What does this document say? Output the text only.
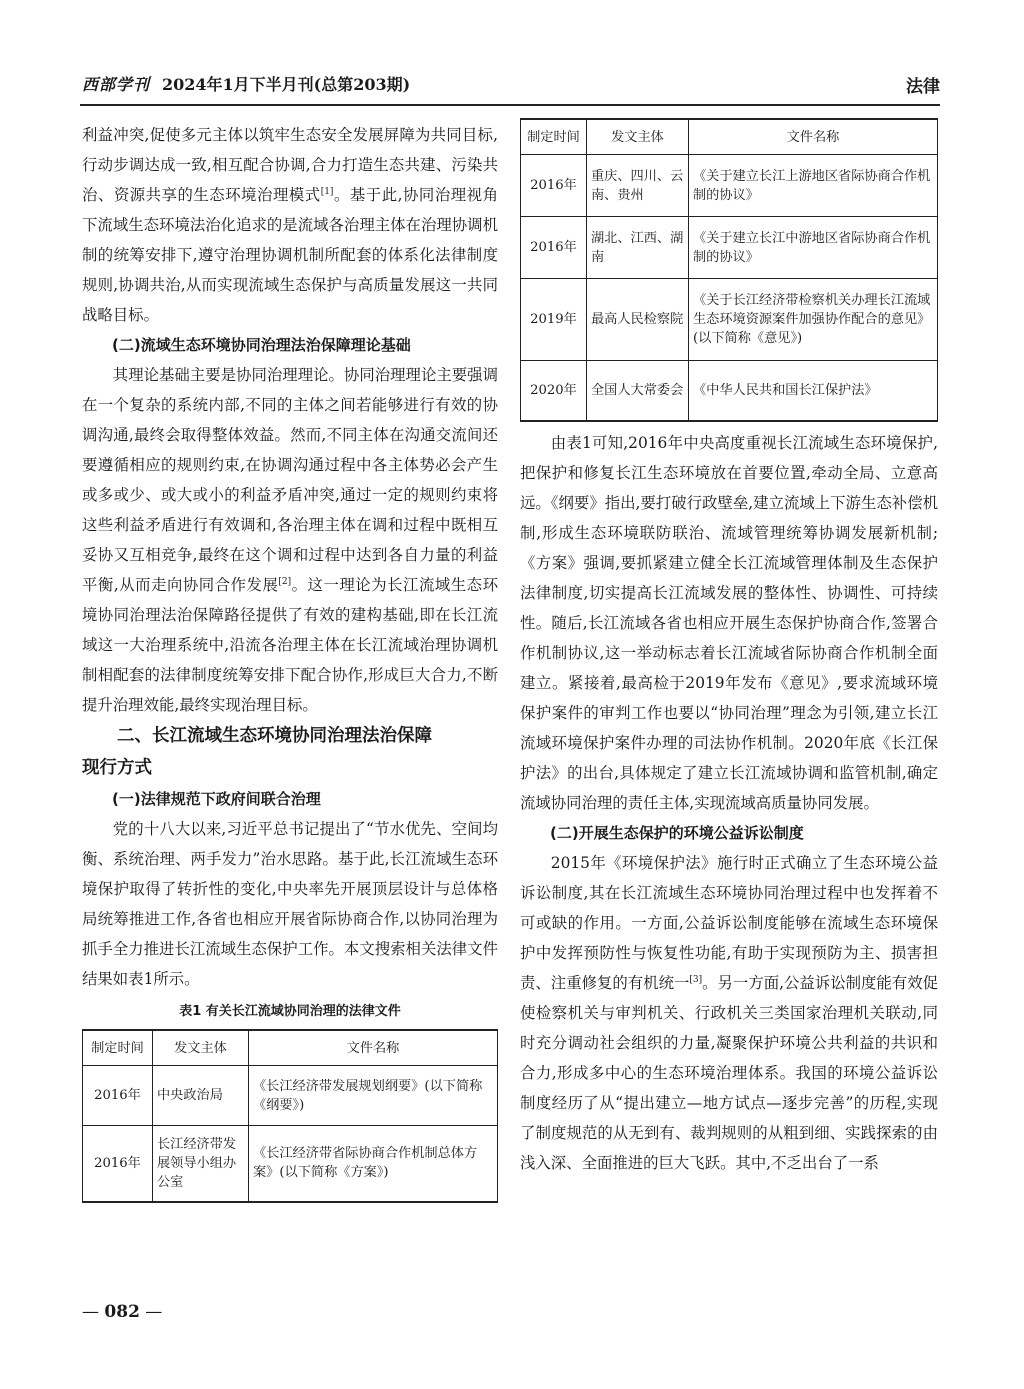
西部学刊 2024年1月下半月刊(总第203期)	法律

利益冲突,促使多元主体以筑牢生态安全发展屏障为共同目标,行动步调达成一致,相互配合协调,合力打造生态共建、污染共治、资源共享的生态环境治理模式[1]。基于此,协同治理视角下流域生态环境法治化追求的是流域各治理主体在治理协调机制的统筹安排下,遵守治理协调机制所配套的体系化法律制度规则,协调共治,从而实现流域生态保护与高质量发展这一共同战略目标。

(二)流域生态环境协同治理法治保障理论基础

其理论基础主要是协同治理理论。协同治理理论主要强调在一个复杂的系统内部,不同的主体之间若能够进行有效的协调沟通,最终会取得整体效益。然而,不同主体在沟通交流间还要遵循相应的规则约束,在协调沟通过程中各主体势必会产生或多或少、或大或小的利益矛盾冲突,通过一定的规则约束将这些利益矛盾进行有效调和,各治理主体在调和过程中既相互妥协又互相竞争,最终在这个调和过程中达到各自力量的利益平衡,从而走向协同合作发展[2]。这一理论为长江流域生态环境协同治理法治保障路径提供了有效的建构基础,即在长江流域这一大治理系统中,沿流各治理主体在长江流域治理协调机制相配套的法律制度统筹安排下配合协作,形成巨大合力,不断提升治理效能,最终实现治理目标。

二、长江流域生态环境协同治理法治保障
现行方式
(一)法律规范下政府间联合治理

党的十八大以来,习近平总书记提出了“节水优先、空间均衡、系统治理、两手发力”治水思路。基于此,长江流域生态环境保护取得了转折性的变化,中央率先开展顶层设计与总体格局统筹推进工作,各省也相应开展省际协商合作,以协同治理为抓手全力推进长江流域生态保护工作。本文搜索相关法律文件结果如表1所示。

表1 有关长江流域协同治理的法律文件
制定时间	发文主体	文件名称
2016年	中央政治局	《长江经济带发展规划纲要》(以下简称《纲要》)
2016年	长江经济带发展领导小组办公室	《长江经济带省际协商合作机制总体方案》(以下简称《方案》)
制定时间	发文主体	文件名称
2016年	重庆、四川、云南、贵州	《关于建立长江上游地区省际协商合作机制的协议》
2016年	湖北、江西、湖南	《关于建立长江中游地区省际协商合作机制的协议》
2019年	最高人民检察院	《关于长江经济带检察机关办理长江流域生态环境资源案件加强协作配合的意见》(以下简称《意见》)
2020年	全国人大常委会	《中华人民共和国长江保护法》

由表1可知,2016年中央高度重视长江流域生态环境保护,把保护和修复长江生态环境放在首要位置,牵动全局、立意高远。《纲要》指出,要打破行政壁垒,建立流域上下游生态补偿机制,形成生态环境联防联治、流域管理统筹协调发展新机制;《方案》强调,要抓紧建立健全长江流域管理体制及生态保护法律制度,切实提高长江流域发展的整体性、协调性、可持续性。随后,长江流域各省也相应开展生态保护协商合作,签署合作机制协议,这一举动标志着长江流域省际协商合作机制全面建立。紧接着,最高检于2019年发布《意见》,要求流域环境保护案件的审判工作也要以“协同治理”理念为引领,建立长江流域环境保护案件办理的司法协作机制。2020年底《长江保护法》的出台,具体规定了建立长江流域协调和监管机制,确定流域协同治理的责任主体,实现流域高质量协同发展。

(二)开展生态保护的环境公益诉讼制度

2015年《环境保护法》施行时正式确立了生态环境公益诉讼制度,其在长江流域生态环境协同治理过程中也发挥着不可或缺的作用。一方面,公益诉讼制度能够在流域生态环境保护中发挥预防性与恢复性功能,有助于实现预防为主、损害担责、注重修复的有机统一[3]。另一方面,公益诉讼制度能有效促使检察机关与审判机关、行政机关三类国家治理机关联动,同时充分调动社会组织的力量,凝聚保护环境公共利益的共识和合力,形成多中心的生态环境治理体系。我国的环境公益诉讼制度经历了从“提出建立—地方试点—逐步完善”的历程,实现了制度规范的从无到有、裁判规则的从粗到细、实践探索的由浅入深、全面推进的巨大飞跃。其中,不乏出台了一系

— 082 —
